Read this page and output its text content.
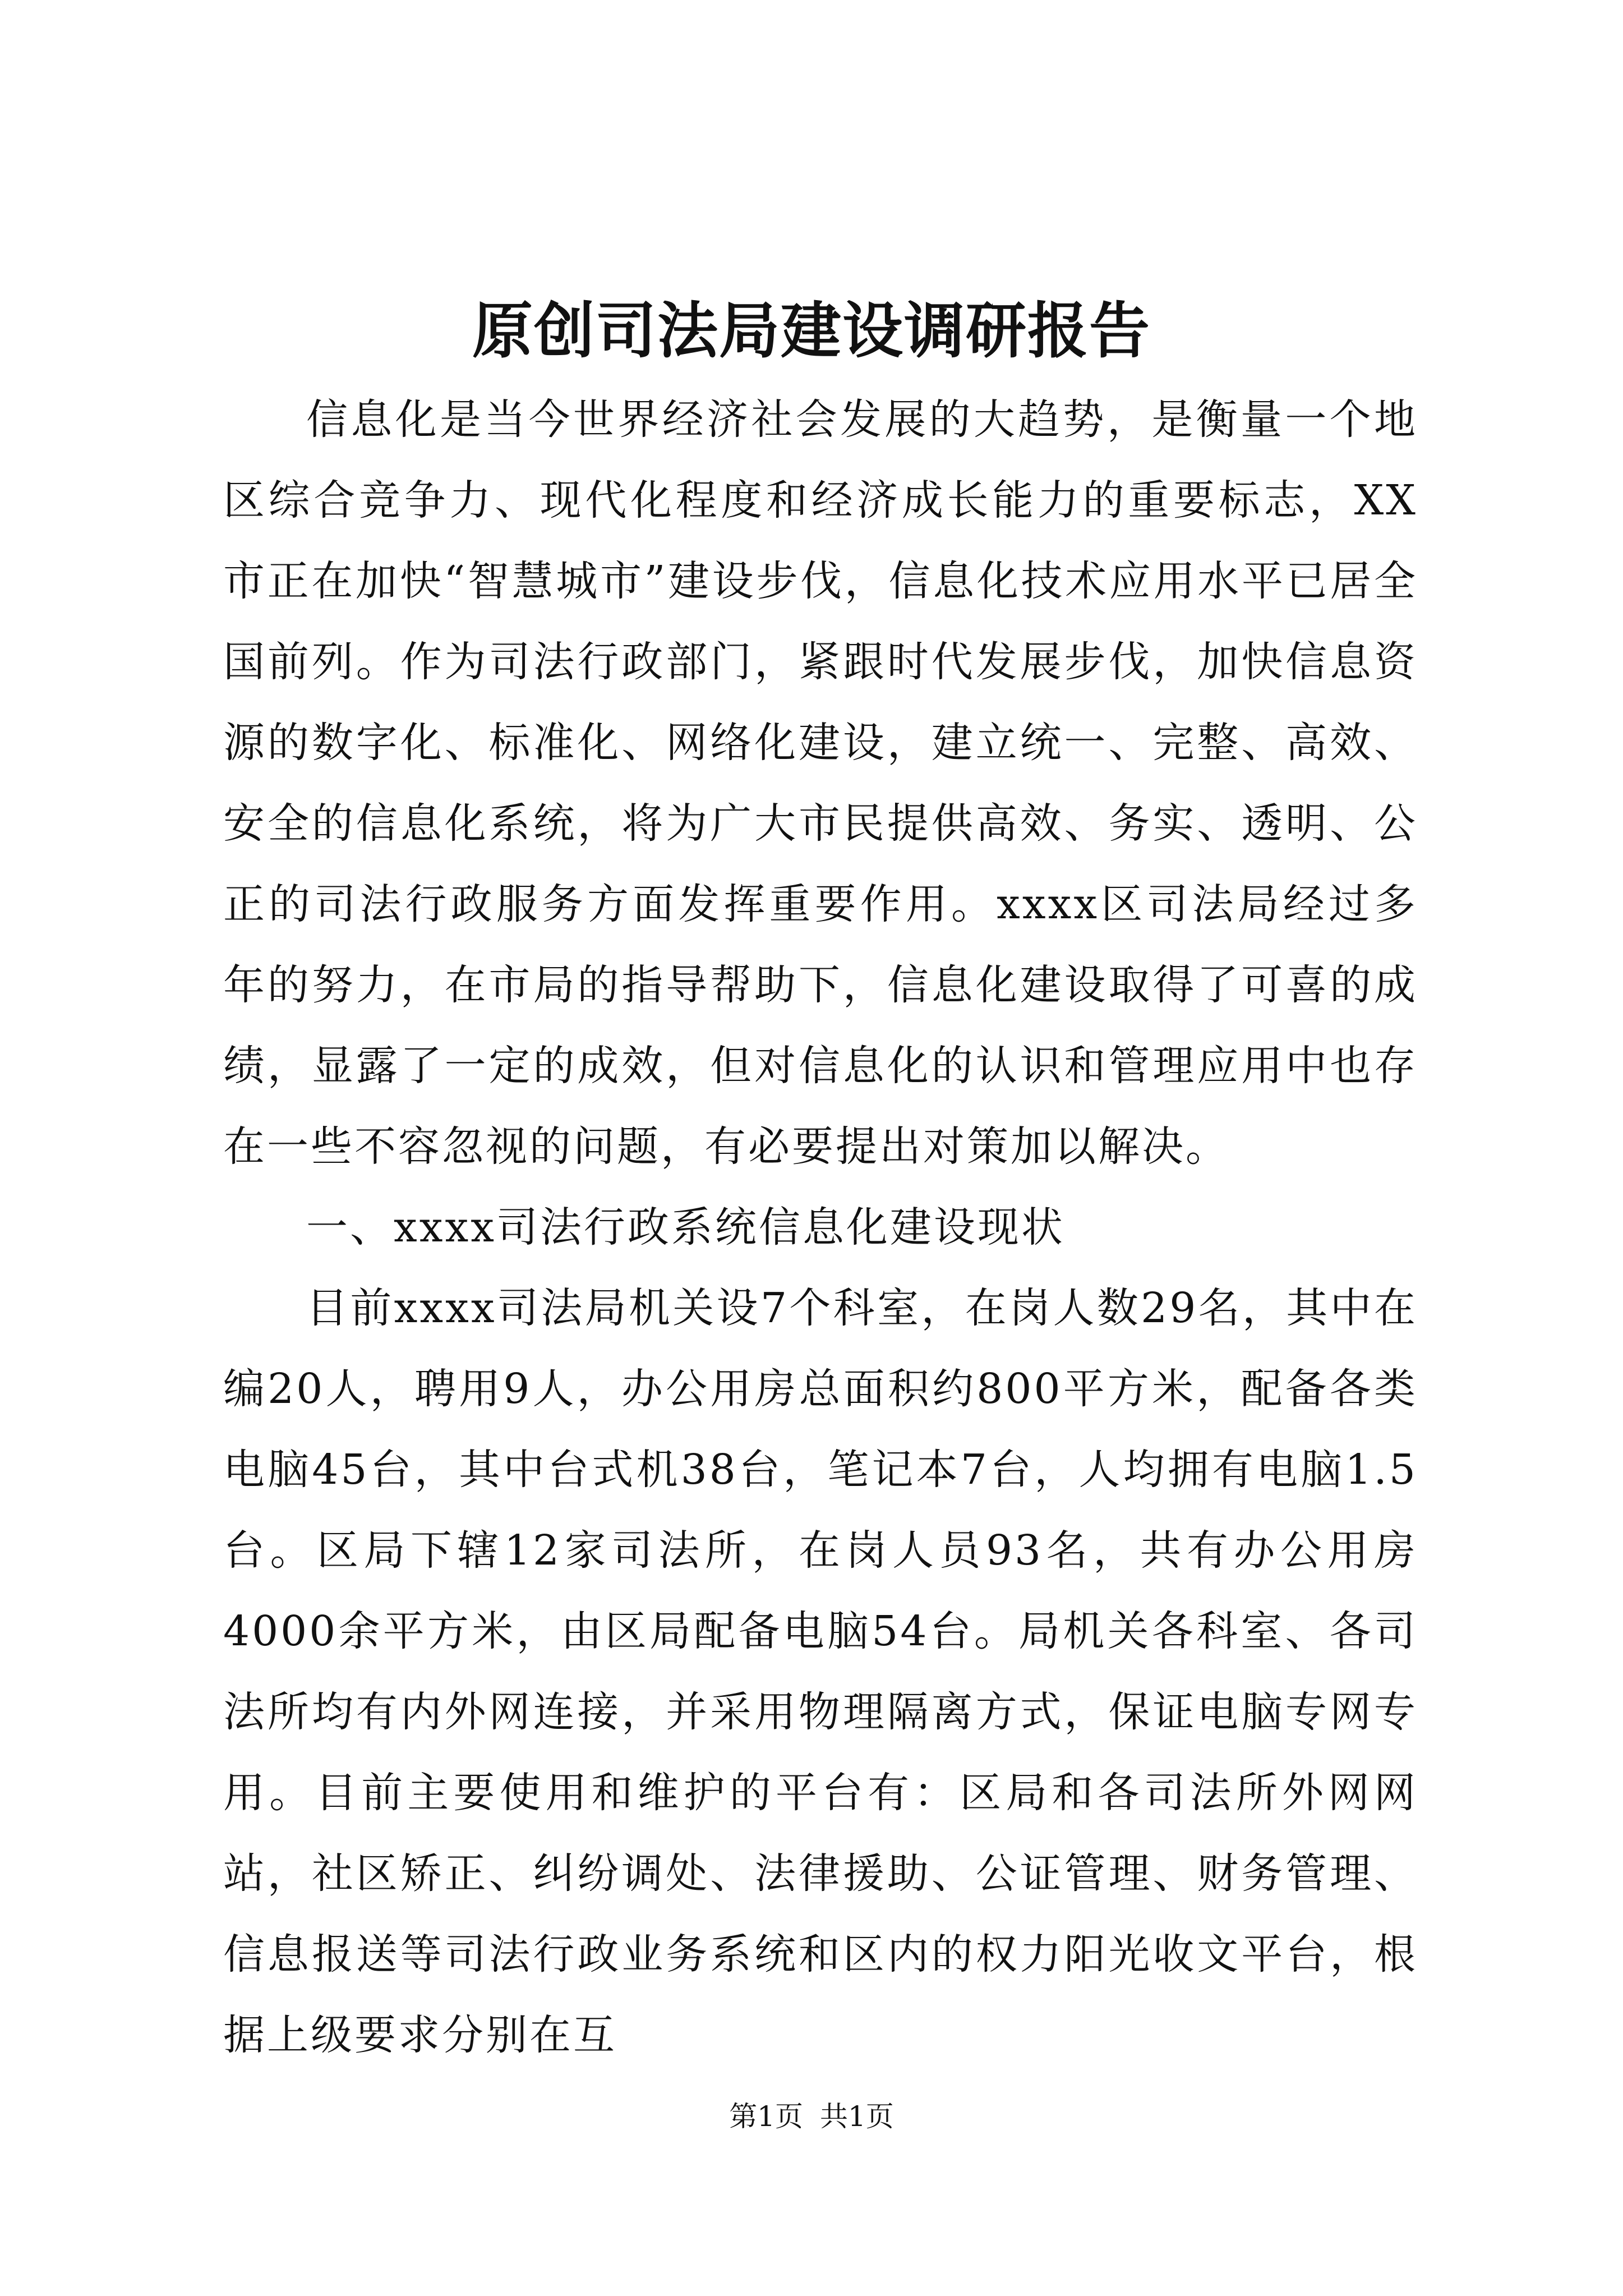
原创司法局建设调研报告

信息化是当今世界经济社会发展的大趋势，是衡量一个地区综合竞争力、现代化程度和经济成长能力的重要标志，XX市正在加快“智慧城市”建设步伐，信息化技术应用水平已居全国前列。作为司法行政部门，紧跟时代发展步伐，加快信息资源的数字化、标准化、网络化建设，建立统一、完整、高效、安全的信息化系统，将为广大市民提供高效、务实、透明、公正的司法行政服务方面发挥重要作用。xxxx区司法局经过多年的努力，在市局的指导帮助下，信息化建设取得了可喜的成绩，显露了一定的成效，但对信息化的认识和管理应用中也存在一些不容忽视的问题，有必要提出对策加以解决。

一、xxxx司法行政系统信息化建设现状

目前xxxx司法局机关设7个科室，在岗人数29名，其中在编20人，聘用9人，办公用房总面积约800平方米，配备各类电脑45台，其中台式机38台，笔记本7台，人均拥有电脑1.5台。区局下辖12家司法所，在岗人员93名，共有办公用房4000余平方米，由区局配备电脑54台。局机关各科室、各司法所均有内外网连接，并采用物理隔离方式，保证电脑专网专用。目前主要使用和维护的平台有：区局和各司法所外网网站，社区矫正、纠纷调处、法律援助、公证管理、财务管理、信息报送等司法行政业务系统和区内的权力阳光收文平台，根据上级要求分别在互

第1页 共1页
